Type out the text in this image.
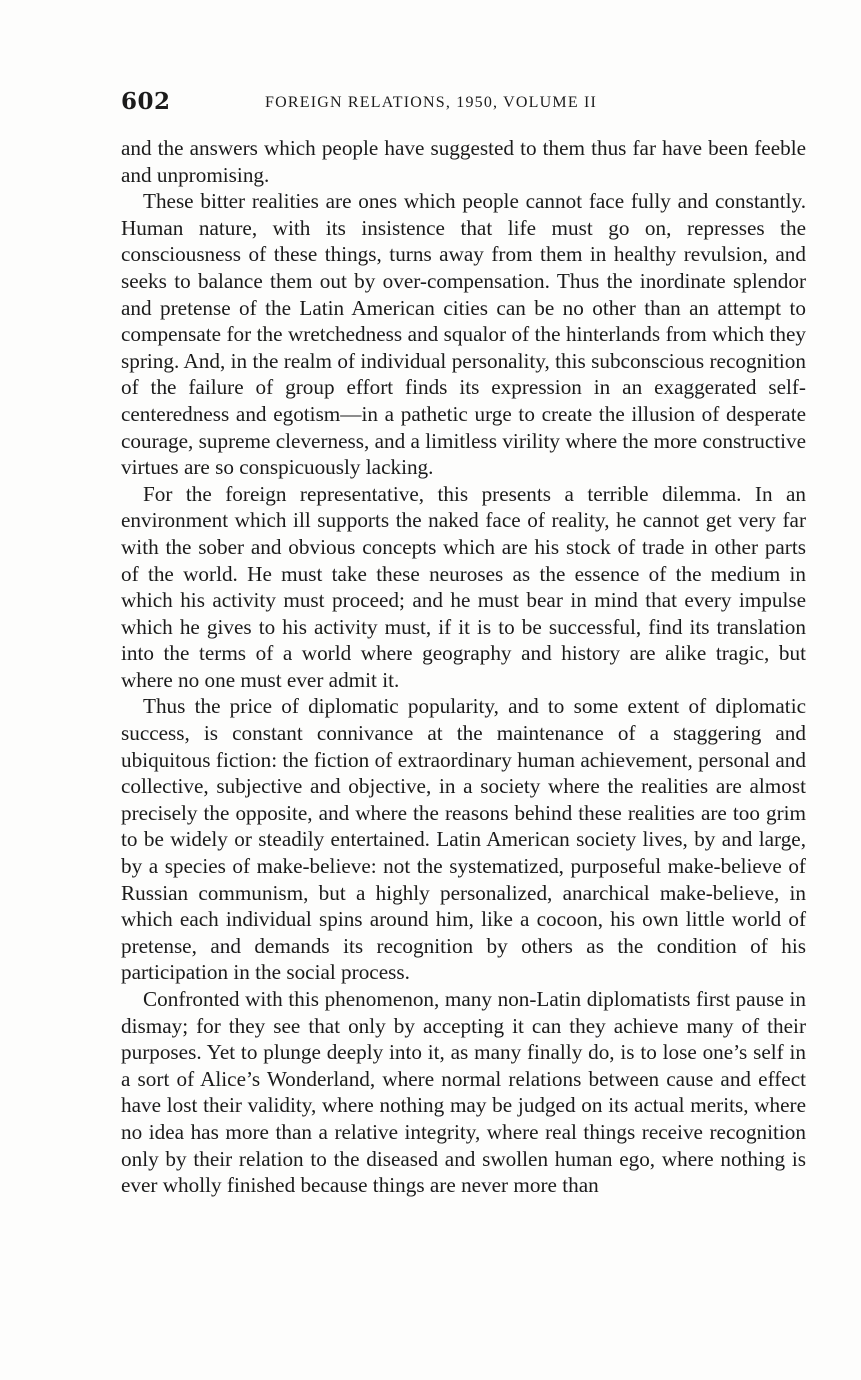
602	FOREIGN RELATIONS, 1950, VOLUME II

and the answers which people have suggested to them thus far have been feeble and unpromising.

These bitter realities are ones which people cannot face fully and constantly. Human nature, with its insistence that life must go on, represses the consciousness of these things, turns away from them in healthy revulsion, and seeks to balance them out by over-compensation. Thus the inordinate splendor and pretense of the Latin American cities can be no other than an attempt to compensate for the wretchedness and squalor of the hinterlands from which they spring. And, in the realm of individual personality, this subconscious recognition of the failure of group effort finds its expression in an exaggerated self-centeredness and egotism—in a pathetic urge to create the illusion of desperate courage, supreme cleverness, and a limitless virility where the more constructive virtues are so conspicuously lacking.

For the foreign representative, this presents a terrible dilemma. In an environment which ill supports the naked face of reality, he cannot get very far with the sober and obvious concepts which are his stock of trade in other parts of the world. He must take these neuroses as the essence of the medium in which his activity must proceed; and he must bear in mind that every impulse which he gives to his activity must, if it is to be successful, find its translation into the terms of a world where geography and history are alike tragic, but where no one must ever admit it.

Thus the price of diplomatic popularity, and to some extent of diplomatic success, is constant connivance at the maintenance of a staggering and ubiquitous fiction: the fiction of extraordinary human achievement, personal and collective, subjective and objective, in a society where the realities are almost precisely the opposite, and where the reasons behind these realities are too grim to be widely or steadily entertained. Latin American society lives, by and large, by a species of make-believe: not the systematized, purposeful make-believe of Russian communism, but a highly personalized, anarchical make-believe, in which each individual spins around him, like a cocoon, his own little world of pretense, and demands its recognition by others as the condition of his participation in the social process.

Confronted with this phenomenon, many non-Latin diplomatists first pause in dismay; for they see that only by accepting it can they achieve many of their purposes. Yet to plunge deeply into it, as many finally do, is to lose one’s self in a sort of Alice’s Wonderland, where normal relations between cause and effect have lost their validity, where nothing may be judged on its actual merits, where no idea has more than a relative integrity, where real things receive recognition only by their relation to the diseased and swollen human ego, where nothing is ever wholly finished because things are never more than
